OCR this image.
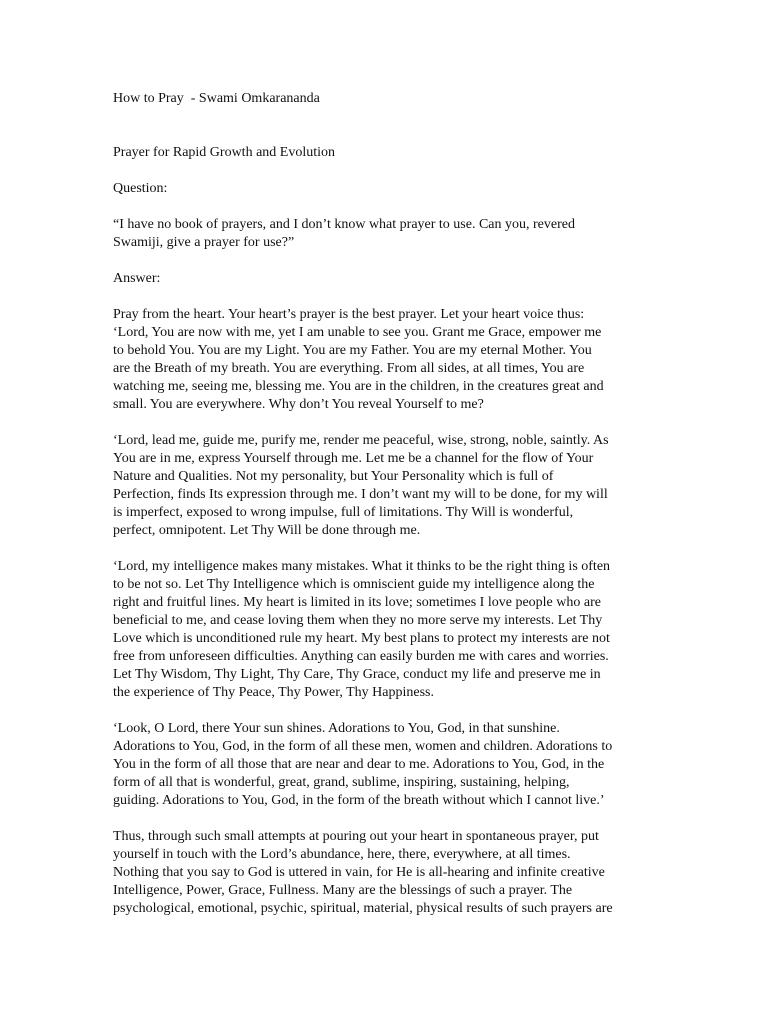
How to Pray  - Swami Omkarananda

Prayer for Rapid Growth and Evolution

Question:

“I have no book of prayers, and I don’t know what prayer to use. Can you, revered
Swamiji, give a prayer for use?”

Answer:

Pray from the heart. Your heart’s prayer is the best prayer. Let your heart voice thus:
‘Lord, You are now with me, yet I am unable to see you. Grant me Grace, empower me
to behold You. You are my Light. You are my Father. You are my eternal Mother. You
are the Breath of my breath. You are everything. From all sides, at all times, You are
watching me, seeing me, blessing me. You are in the children, in the creatures great and
small. You are everywhere. Why don’t You reveal Yourself to me?

‘Lord, lead me, guide me, purify me, render me peaceful, wise, strong, noble, saintly. As
You are in me, express Yourself through me. Let me be a channel for the flow of Your
Nature and Qualities. Not my personality, but Your Personality which is full of
Perfection, finds Its expression through me. I don’t want my will to be done, for my will
is imperfect, exposed to wrong impulse, full of limitations. Thy Will is wonderful,
perfect, omnipotent. Let Thy Will be done through me.

‘Lord, my intelligence makes many mistakes. What it thinks to be the right thing is often
to be not so. Let Thy Intelligence which is omniscient guide my intelligence along the
right and fruitful lines. My heart is limited in its love; sometimes I love people who are
beneficial to me, and cease loving them when they no more serve my interests. Let Thy
Love which is unconditioned rule my heart. My best plans to protect my interests are not
free from unforeseen difficulties. Anything can easily burden me with cares and worries.
Let Thy Wisdom, Thy Light, Thy Care, Thy Grace, conduct my life and preserve me in
the experience of Thy Peace, Thy Power, Thy Happiness.

‘Look, O Lord, there Your sun shines. Adorations to You, God, in that sunshine.
Adorations to You, God, in the form of all these men, women and children. Adorations to
You in the form of all those that are near and dear to me. Adorations to You, God, in the
form of all that is wonderful, great, grand, sublime, inspiring, sustaining, helping,
guiding. Adorations to You, God, in the form of the breath without which I cannot live.’

Thus, through such small attempts at pouring out your heart in spontaneous prayer, put
yourself in touch with the Lord’s abundance, here, there, everywhere, at all times.
Nothing that you say to God is uttered in vain, for He is all-hearing and infinite creative
Intelligence, Power, Grace, Fullness. Many are the blessings of such a prayer. The
psychological, emotional, psychic, spiritual, material, physical results of such prayers are
